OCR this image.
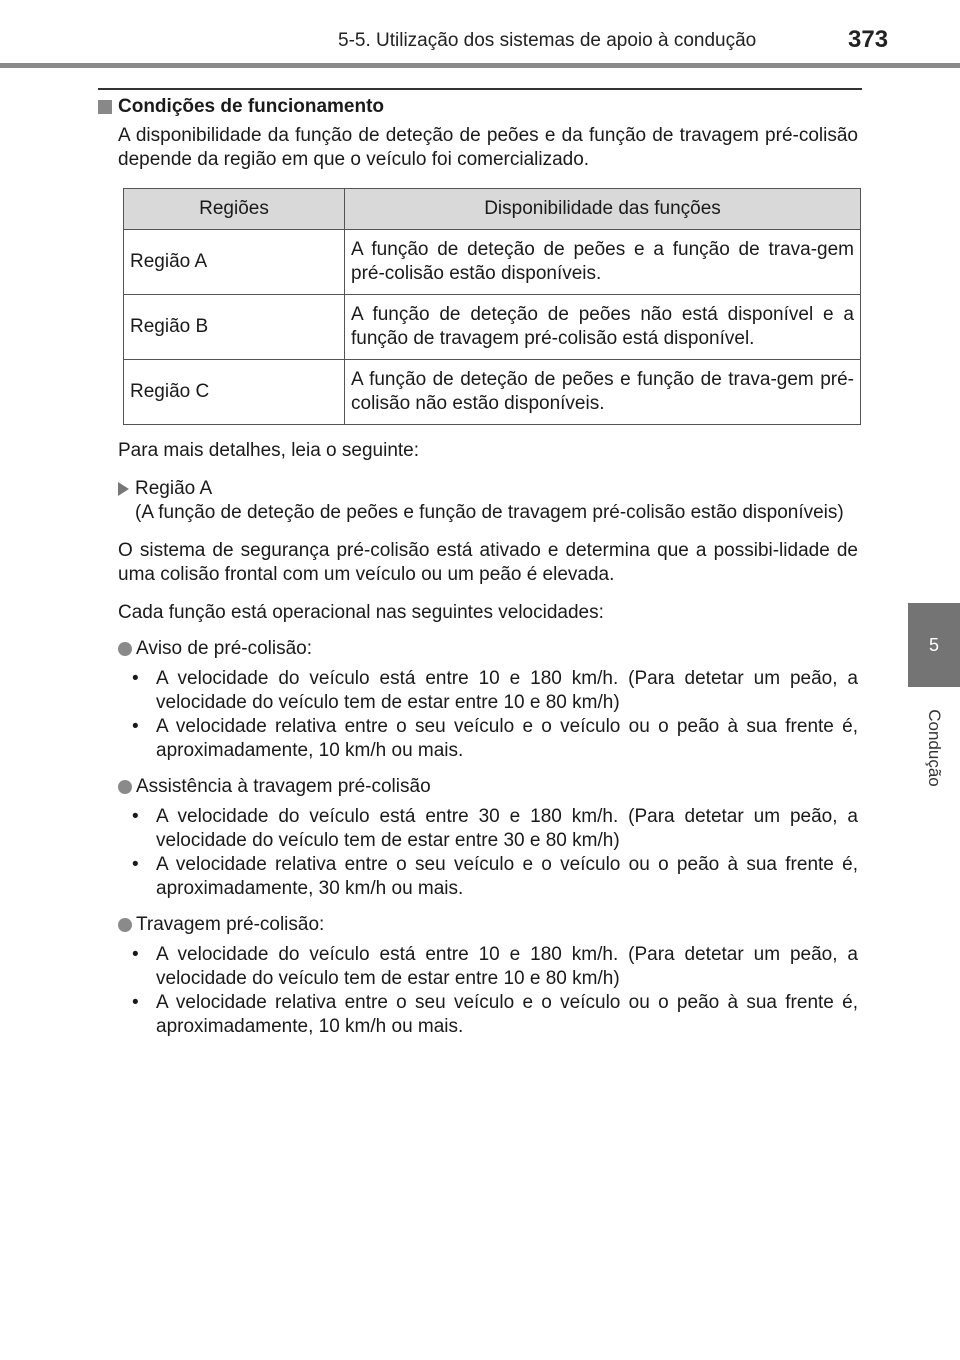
5-5. Utilização dos sistemas de apoio à condução	373
5
Condução
Condições de funcionamento
A disponibilidade da função de deteção de peões e da função de travagem pré-colisão depende da região em que o veículo foi comercializado.
Regiões	Disponibilidade das funções
Região A	A função de deteção de peões e a função de trava-gem pré-colisão estão disponíveis.
Região B	A função de deteção de peões não está disponível e a função de travagem pré-colisão está disponível.
Região C	A função de deteção de peões e função de trava-gem pré-colisão não estão disponíveis.
Para mais detalhes, leia o seguinte:
Região A
(A função de deteção de peões e função de travagem pré-colisão estão disponíveis)
O sistema de segurança pré-colisão está ativado e determina que a possibi-lidade de uma colisão frontal com um veículo ou um peão é elevada.
Cada função está operacional nas seguintes velocidades:
Aviso de pré-colisão:
• A velocidade do veículo está entre 10 e 180 km/h. (Para detetar um peão, a velocidade do veículo tem de estar entre 10 e 80 km/h)
• A velocidade relativa entre o seu veículo e o veículo ou o peão à sua frente é, aproximadamente, 10 km/h ou mais.
Assistência à travagem pré-colisão
• A velocidade do veículo está entre 30 e 180 km/h. (Para detetar um peão, a velocidade do veículo tem de estar entre 30 e 80 km/h)
• A velocidade relativa entre o seu veículo e o veículo ou o peão à sua frente é, aproximadamente, 30 km/h ou mais.
Travagem pré-colisão:
• A velocidade do veículo está entre 10 e 180 km/h. (Para detetar um peão, a velocidade do veículo tem de estar entre 10 e 80 km/h)
• A velocidade relativa entre o seu veículo e o veículo ou o peão à sua frente é, aproximadamente, 10 km/h ou mais.
